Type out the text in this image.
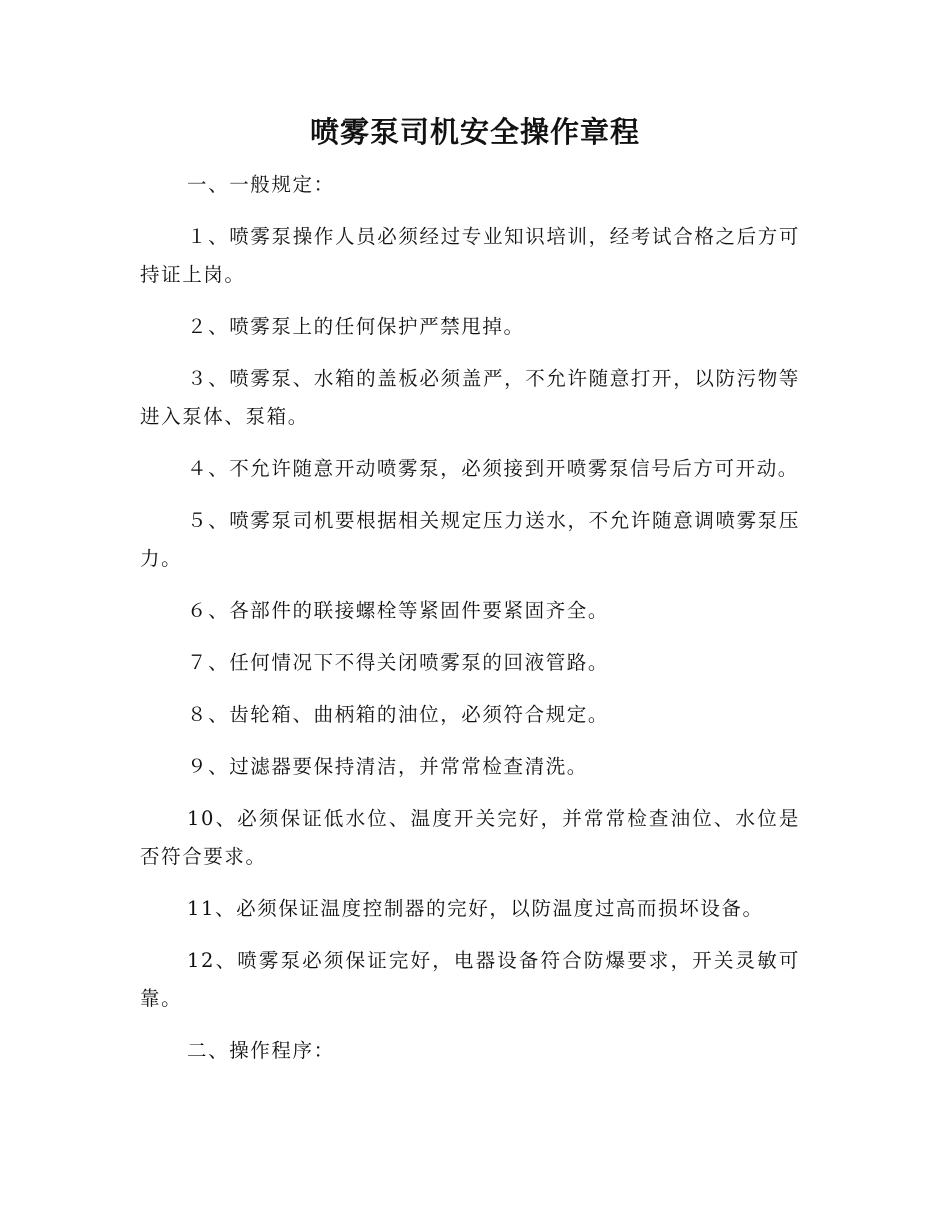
喷雾泵司机安全操作章程

一、一般规定：

１、喷雾泵操作人员必须经过专业知识培训，经考试合格之后方可持证上岗。

２、喷雾泵上的任何保护严禁甩掉。

３、喷雾泵、水箱的盖板必须盖严，不允许随意打开，以防污物等进入泵体、泵箱。

４、不允许随意开动喷雾泵，必须接到开喷雾泵信号后方可开动。

５、喷雾泵司机要根据相关规定压力送水，不允许随意调喷雾泵压力。

６、各部件的联接螺栓等紧固件要紧固齐全。

７、任何情况下不得关闭喷雾泵的回液管路。

８、齿轮箱、曲柄箱的油位，必须符合规定。

９、过滤器要保持清洁，并常常检查清洗。

10、必须保证低水位、温度开关完好，并常常检查油位、水位是否符合要求。

11、必须保证温度控制器的完好，以防温度过高而损坏设备。

12、喷雾泵必须保证完好，电器设备符合防爆要求，开关灵敏可靠。

二、操作程序：
